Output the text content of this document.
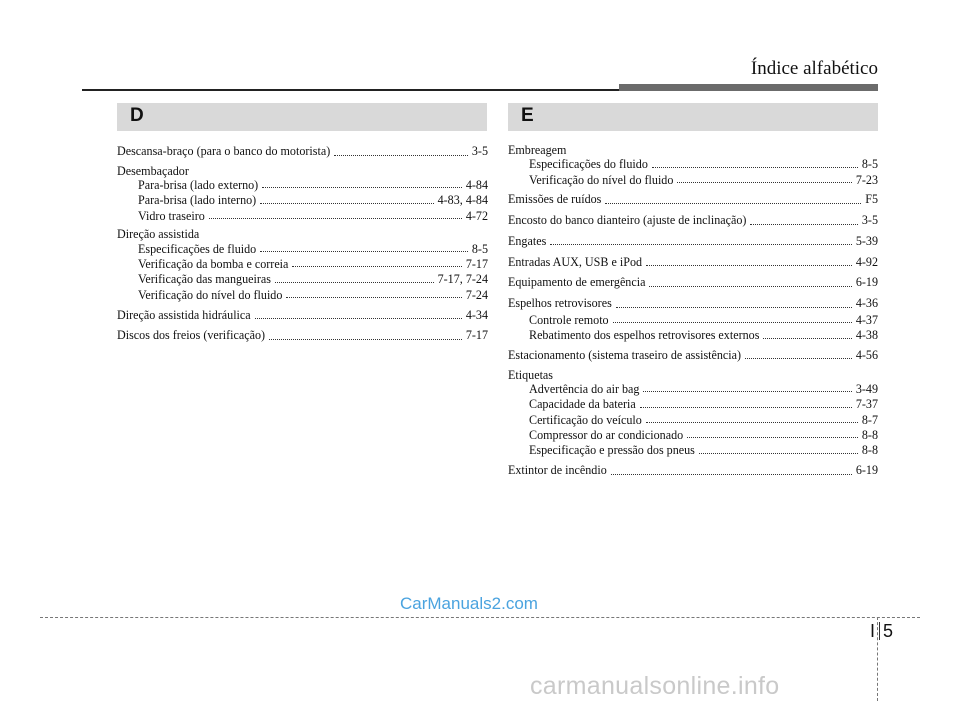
Índice alfabético
D	E
Descansa-braço (para o banco do motorista)	3-5
Desembaçador
Para-brisa (lado externo)	4-84
Para-brisa (lado interno)	4-83, 4-84
Vidro traseiro	4-72
Direção assistida
Especificações de fluido	8-5
Verificação da bomba e correia	7-17
Verificação das mangueiras	7-17, 7-24
Verificação do nível do fluido	7-24
Direção assistida hidráulica	4-34
Discos dos freios (verificação)	7-17
Embreagem
Especificações do fluido	8-5
Verificação do nível do fluido	7-23
Emissões de ruídos	F5
Encosto do banco dianteiro (ajuste de inclinação)	3-5
Engates	5-39
Entradas AUX, USB e iPod	4-92
Equipamento de emergência	6-19
Espelhos retrovisores	4-36
Controle remoto	4-37
Rebatimento dos espelhos retrovisores externos	4-38
Estacionamento (sistema traseiro de assistência)	4-56
Etiquetas
Advertência do air bag	3-49
Capacidade da bateria	7-37
Certificação do veículo	8-7
Compressor do ar condicionado	8-8
Especificação e pressão dos pneus	8-8
Extintor de incêndio	6-19
CarManuals2.com
I 5
carmanualsonline.info
